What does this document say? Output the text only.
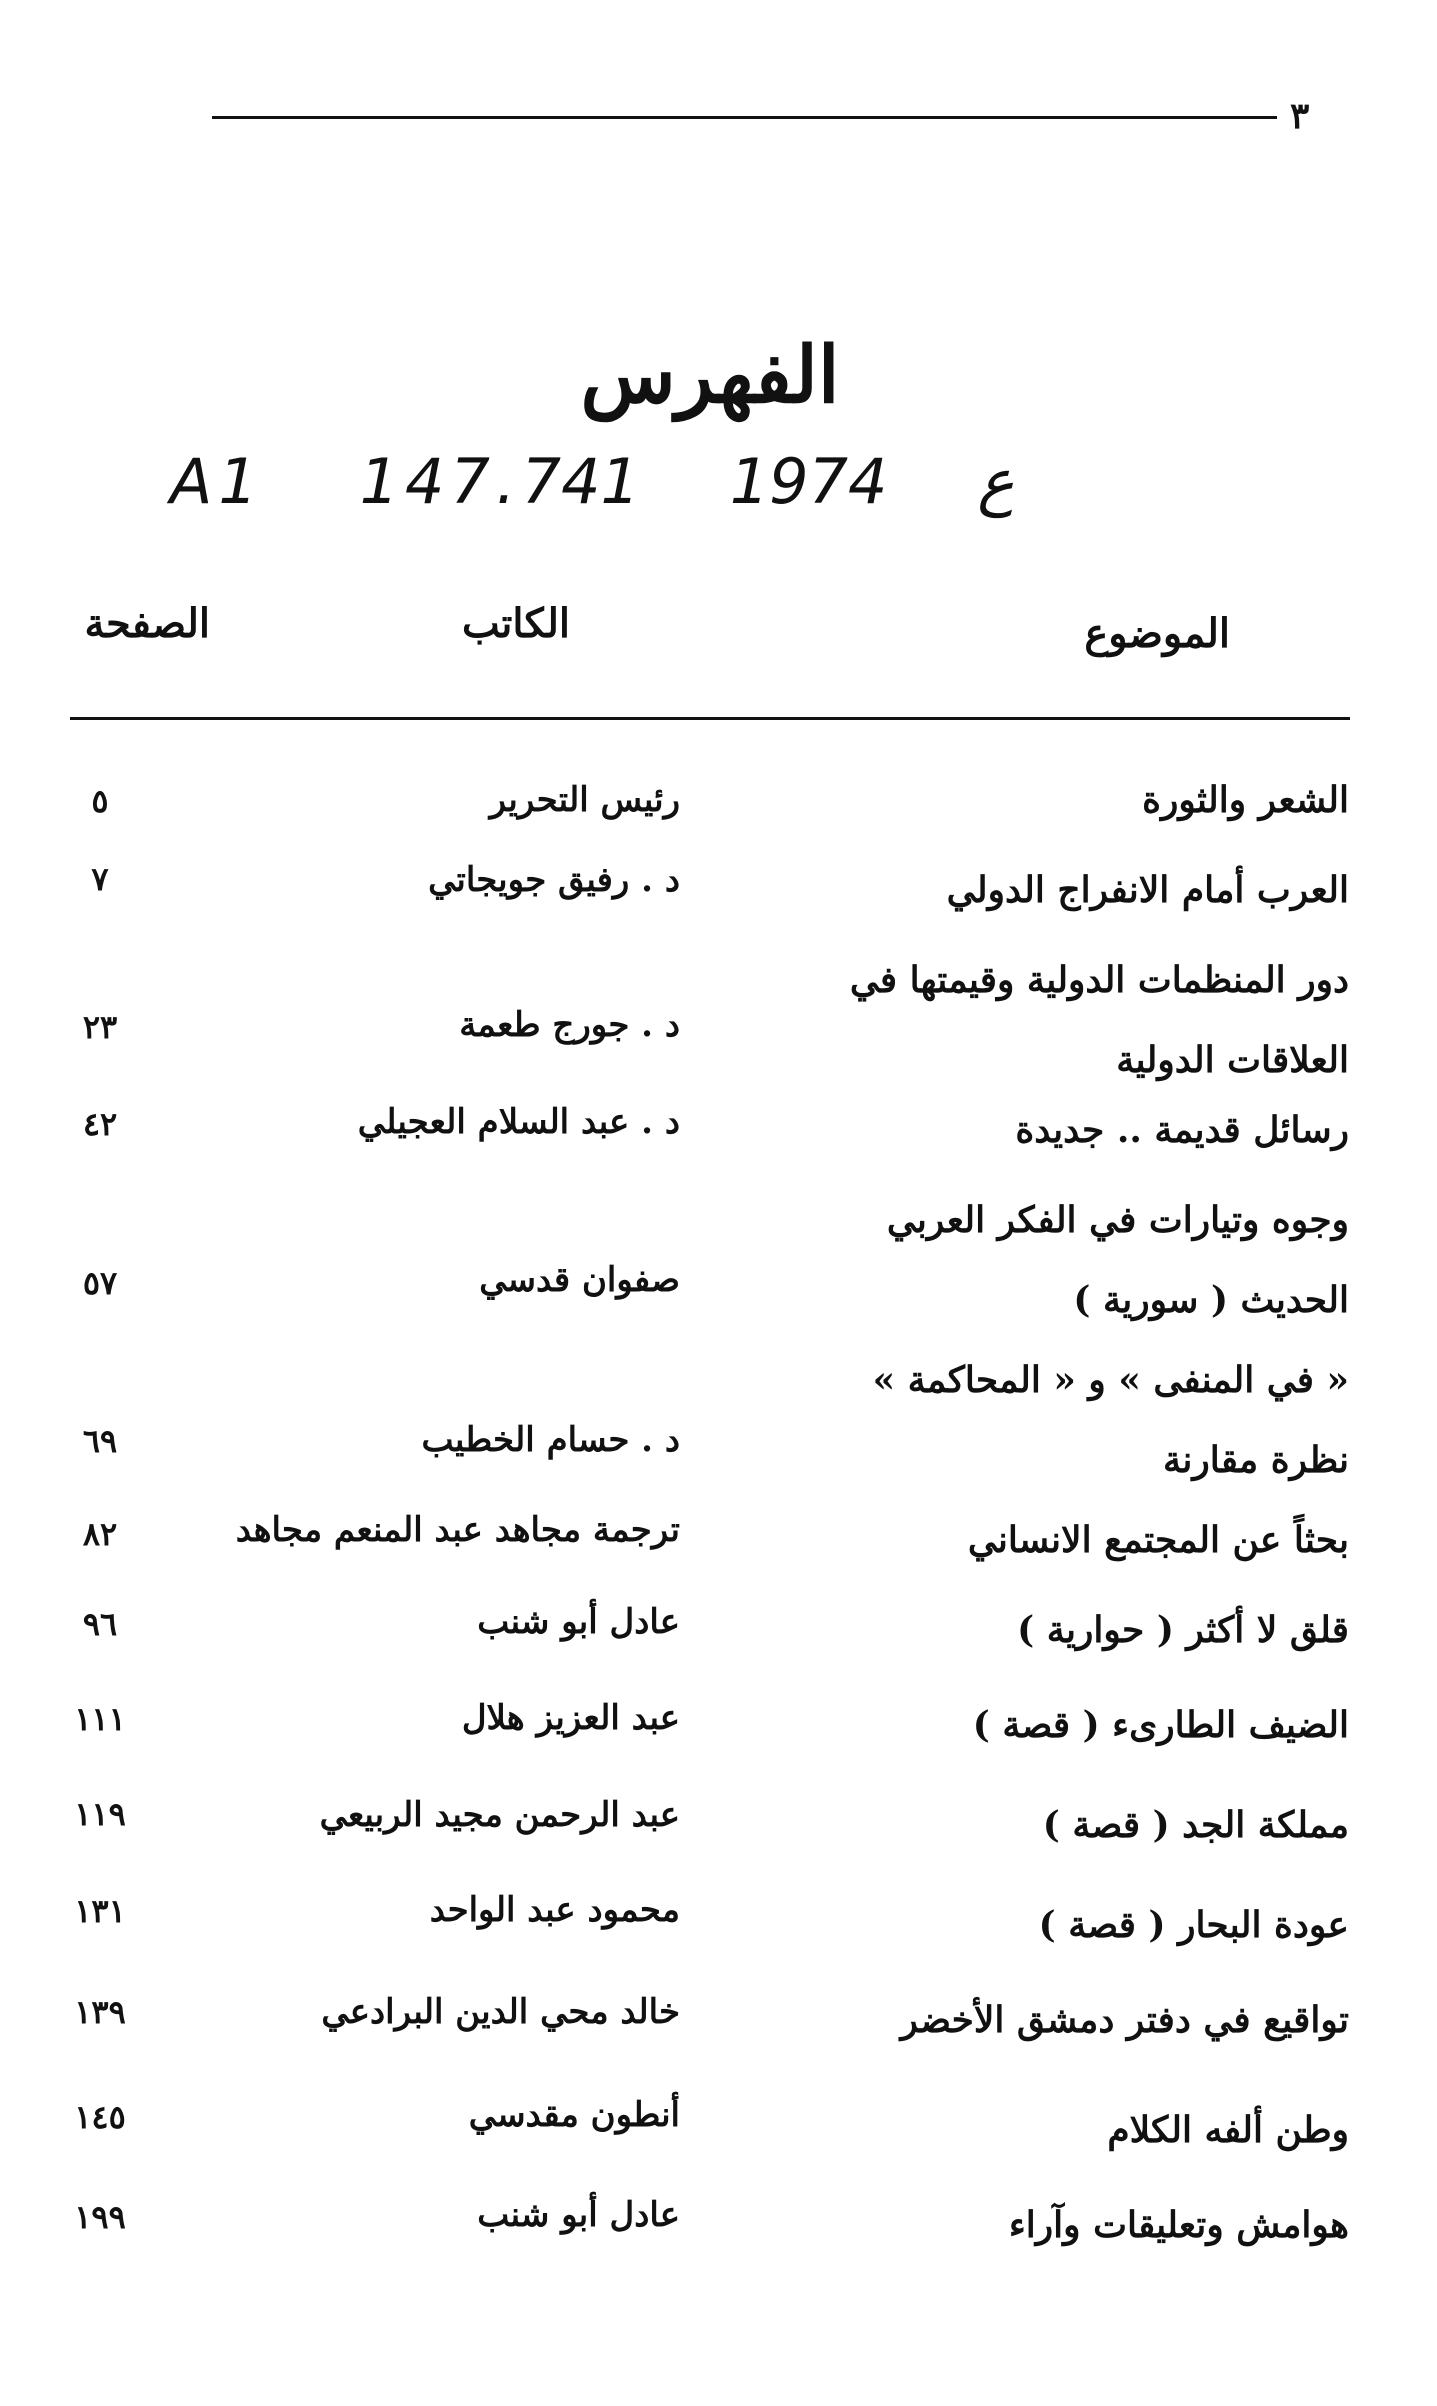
٣
الفهرس
A1 147.ع 1974 741
الموضوع
الكاتب
الصفحة
الشعر والثورة
رئيس التحرير
٥
العرب أمام الانفراج الدولي
د . رفيق جويجاتي
٧
دور المنظمات الدولية وقيمتها في
العلاقات الدولية
د . جورج طعمة
٢٣
رسائل قديمة .. جديدة
د . عبد السلام العجيلي
٤٢
وجوه وتيارات في الفكر العربي
الحديث ( سورية )
صفوان قدسي
٥٧
« في المنفى » و « المحاكمة »
نظرة مقارنة
د . حسام الخطيب
٦٩
بحثاً عن المجتمع الانساني
ترجمة مجاهد عبد المنعم مجاهد
٨٢
قلق لا أكثر ( حوارية )
عادل أبو شنب
٩٦
الضيف الطارىء ( قصة )
عبد العزيز هلال
١١١
مملكة الجد ( قصة )
عبد الرحمن مجيد الربيعي
١١٩
عودة البحار ( قصة )
محمود عبد الواحد
١٣١
تواقيع في دفتر دمشق الأخضر
خالد محي الدين البرادعي
١٣٩
وطن ألفه الكلام
أنطون مقدسي
١٤٥
هوامش وتعليقات وآراء
عادل أبو شنب
١٩٩
